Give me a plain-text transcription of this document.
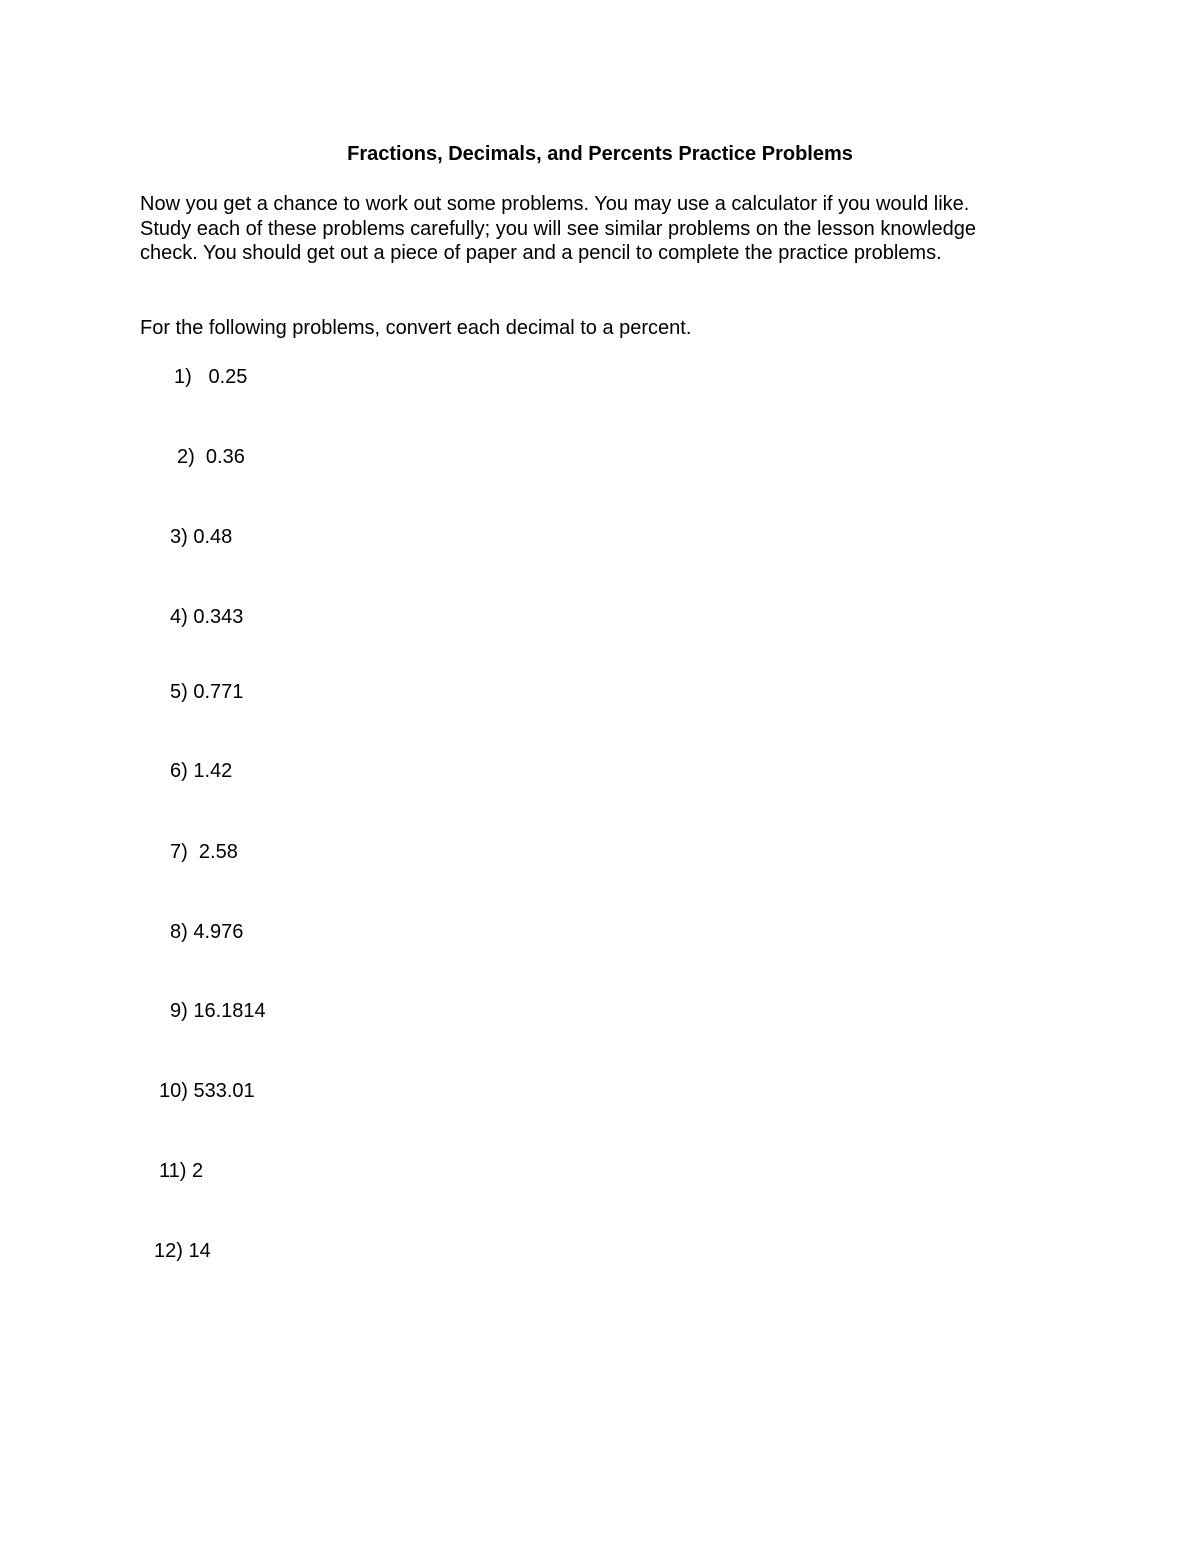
Fractions, Decimals, and Percents Practice Problems
Now you get a chance to work out some problems. You may use a calculator if you would like.
Study each of these problems carefully; you will see similar problems on the lesson knowledge
check. You should get out a piece of paper and a pencil to complete the practice problems.
For the following problems, convert each decimal to a percent.
1) 0.25
2) 0.36
3) 0.48
4) 0.343
5) 0.771
6) 1.42
7) 2.58
8) 4.976
9) 16.1814
10) 533.01
11) 2
12) 14
